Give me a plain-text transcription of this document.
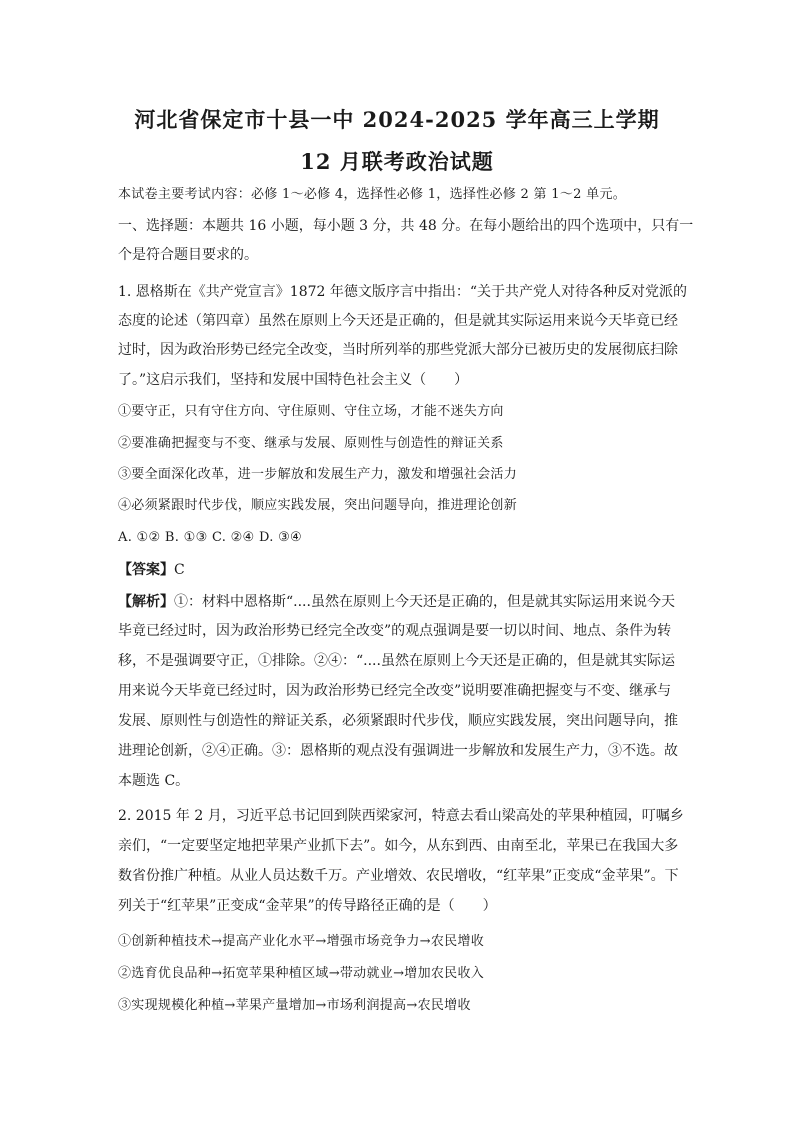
河北省保定市十县一中 2024-2025 学年高三上学期
12 月联考政治试题

本试卷主要考试内容：必修 1～必修 4，选择性必修 1，选择性必修 2 第 1～2 单元。

一、选择题：本题共 16 小题，每小题 3 分，共 48 分。在每小题给出的四个选项中，只有一

个是符合题目要求的。

1. 恩格斯在《共产党宣言》1872 年德文版序言中指出：“关于共产党人对待各种反对党派的

态度的论述（第四章）虽然在原则上今天还是正确的，但是就其实际运用来说今天毕竟已经

过时，因为政治形势已经完全改变，当时所列举的那些党派大部分已被历史的发展彻底扫除

了。”这启示我们，坚持和发展中国特色社会主义（　　）

①要守正，只有守住方向、守住原则、守住立场，才能不迷失方向

②要准确把握变与不变、继承与发展、原则性与创造性的辩证关系

③要全面深化改革，进一步解放和发展生产力，激发和增强社会活力

④必须紧跟时代步伐，顺应实践发展，突出问题导向，推进理论创新

A. ①② B. ①③ C. ②④ D. ③④

【答案】C

【解析】①：材料中恩格斯“....虽然在原则上今天还是正确的，但是就其实际运用来说今天

毕竟已经过时，因为政治形势已经完全改变”的观点强调是要一切以时间、地点、条件为转

移，不是强调要守正，①排除。②④：“....虽然在原则上今天还是正确的，但是就其实际运

用来说今天毕竟已经过时，因为政治形势已经完全改变”说明要准确把握变与不变、继承与

发展、原则性与创造性的辩证关系，必须紧跟时代步伐，顺应实践发展，突出问题导向，推

进理论创新，②④正确。③：恩格斯的观点没有强调进一步解放和发展生产力，③不选。故

本题选 C。

2. 2015 年 2 月，习近平总书记回到陕西梁家河，特意去看山梁高处的苹果种植园，叮嘱乡

亲们，“一定要坚定地把苹果产业抓下去”。如今，从东到西、由南至北，苹果已在我国大多

数省份推广种植。从业人员达数千万。产业增效、农民增收，“红苹果”正变成“金苹果”。下

列关于“红苹果”正变成“金苹果”的传导路径正确的是（　　）

①创新种植技术→提高产业化水平→增强市场竞争力→农民增收

②选育优良品种→拓宽苹果种植区域→带动就业→增加农民收入

③实现规模化种植→苹果产量增加→市场利润提高→农民增收
